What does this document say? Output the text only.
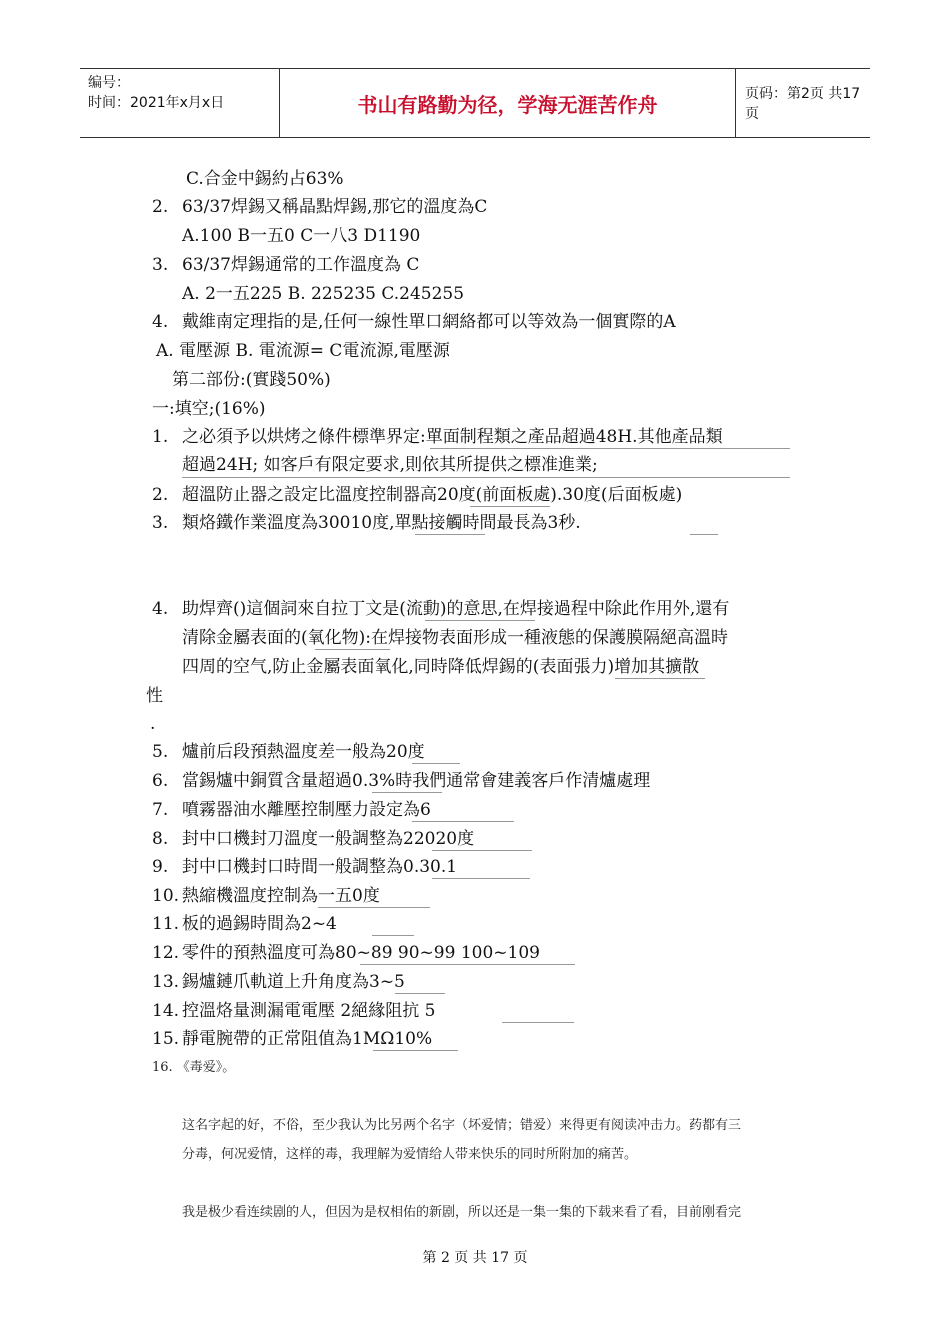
编号：
时间：2021年x月x日	书山有路勤为径，学海无涯苦作舟	页码：第2页 共17页
C.合金中錫約占63%
2. 63/37焊錫又稱晶點焊錫,那它的溫度為C
A.100 B一五0 C一八3 D1190
3. 63/37焊錫通常的工作溫度為 C
A. 2一五225 B. 225235 C.245255
4. 戴維南定理指的是,任何一線性單口網絡都可以等效為一個實際的A
A. 電壓源 B. 電流源= C電流源,電壓源
第二部份:(實踐50%)
一:填空;(16%)
1. 之必須予以烘烤之條件標準界定:單面制程類之產品超過48H.其他產品類
超過24H; 如客戶有限定要求,則依其所提供之標准進業;
2. 超溫防止器之設定比溫度控制器高20度(前面板處).30度(后面板處)
3. 類烙鐵作業溫度為30010度,單點接觸時間最長為3秒.
4. 助焊齊()這個詞來自拉丁文是(流動)的意思,在焊接過程中除此作用外,還有
清除金屬表面的(氧化物):在焊接物表面形成一種液態的保護膜隔絕高溫時
四周的空气,防止金屬表面氧化,同時降低焊錫的(表面張力)增加其擴散
性
.
5. 爐前后段預熱溫度差一般為20度
6. 當錫爐中銅質含量超過0.3%時我們通常會建義客戶作清爐處理
7. 噴霧器油水離壓控制壓力設定為6
8. 封中口機封刀溫度一般調整為22020度
9. 封中口機封口時間一般調整為0.30.1
10. 熱縮機溫度控制為一五0度
11. 板的過錫時間為2~4
12. 零件的預熱溫度可為80~89 90~99 100~109
13. 錫爐鏈爪軌道上升角度為3~5
14. 控溫烙量測漏電電壓 2絕緣阻抗 5
15. 靜電腕帶的正常阻值為1MΩ10%
16. 《毒爱》。
这名字起的好，不俗，至少我认为比另两个名字（坏爱情；错爱）来得更有阅读冲击力。药都有三
分毒，何况爱情，这样的毒，我理解为爱情给人带来快乐的同时所附加的痛苦。
我是极少看连续剧的人，但因为是权相佑的新剧，所以还是一集一集的下载来看了看，目前刚看完
第 2 页 共 17 页
